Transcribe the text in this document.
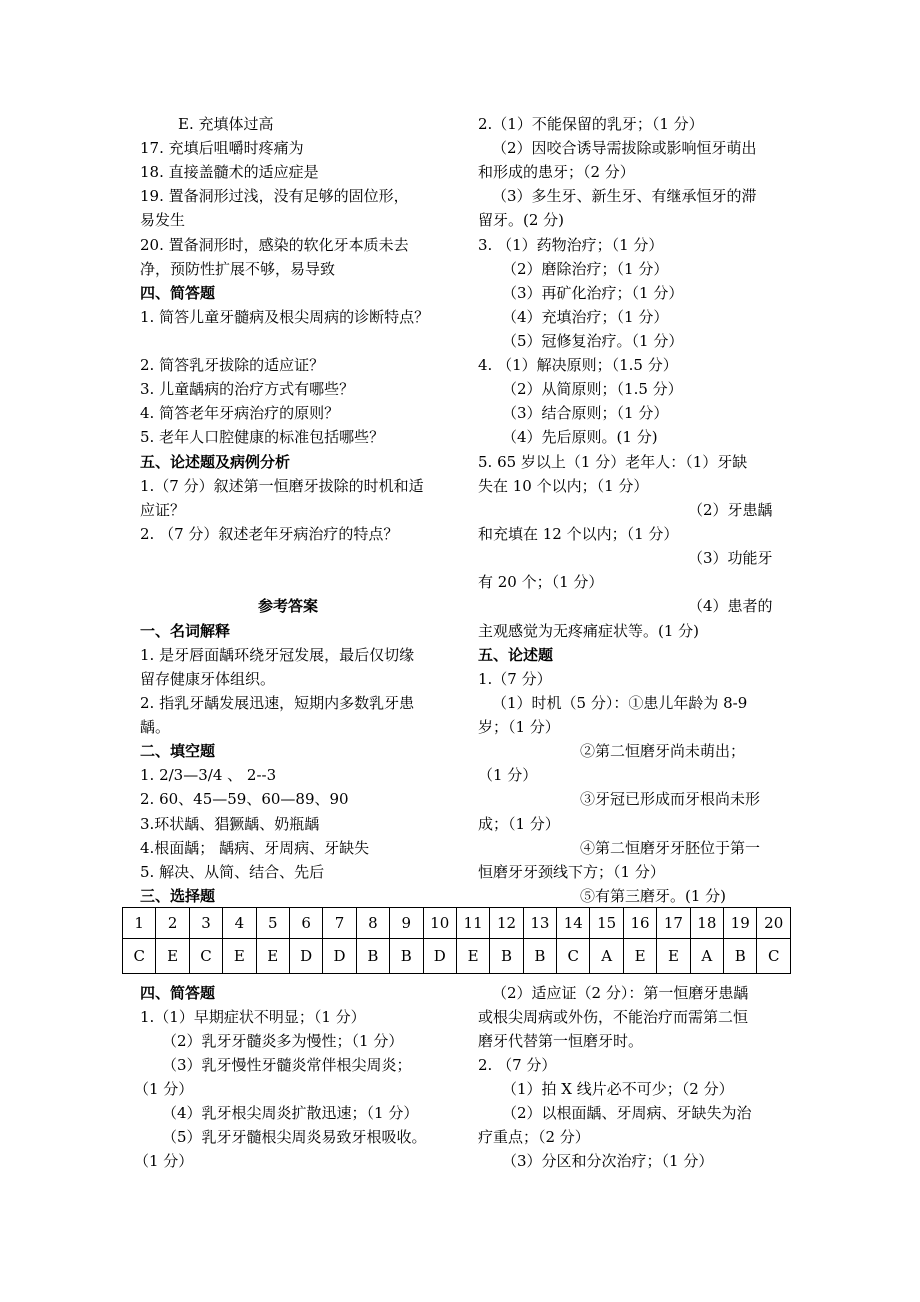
E. 充填体过高
17. 充填后咀嚼时疼痛为
18. 直接盖髓术的适应症是
19. 置备洞形过浅，没有足够的固位形，
易发生
20. 置备洞形时，感染的软化牙本质未去
净，预防性扩展不够，易导致
四、简答题
1. 简答儿童牙髓病及根尖周病的诊断特点？
2. 简答乳牙拔除的适应证？
3. 儿童龋病的治疗方式有哪些？
4. 简答老年牙病治疗的原则？
5. 老年人口腔健康的标准包括哪些？
五、论述题及病例分析
1.（7 分）叙述第一恒磨牙拔除的时机和适
应证？
2. （7 分）叙述老年牙病治疗的特点？
参考答案
一、名词解释
1. 是牙唇面龋环绕牙冠发展，最后仅切缘
留存健康牙体组织。
2. 指乳牙龋发展迅速，短期内多数乳牙患
龋。
二、填空题
1. 2/3—3/4 、 2--3
2. 60、45—59、60—89、90
3.环状龋、猖獗龋、奶瓶龋
4.根面龋； 龋病、牙周病、牙缺失
5. 解决、从简、结合、先后
三、选择题
2.（1）不能保留的乳牙；（1 分）
（2）因咬合诱导需拔除或影响恒牙萌出
和形成的患牙；（2 分）
（3）多生牙、新生牙、有继承恒牙的滞
留牙。(2 分)
3. （1）药物治疗；（1 分）
（2）磨除治疗；（1 分）
（3）再矿化治疗；（1 分）
（4）充填治疗；（1 分）
（5）冠修复治疗。（1 分）
4. （1）解决原则；（1.5 分）
（2）从简原则；（1.5 分）
（3）结合原则；（1 分）
（4）先后原则。(1 分)
5. 65 岁以上（1 分）老年人：（1）牙缺
失在 10 个以内；（1 分）
（2）牙患龋
和充填在 12 个以内；（1 分）
（3）功能牙
有 20 个；（1 分）
（4）患者的
主观感觉为无疼痛症状等。(1 分)
五、论述题
1.（7 分）
（1）时机（5 分）：①患儿年龄为 8-9
岁；（1 分）
②第二恒磨牙尚未萌出；
（1 分）
③牙冠已形成而牙根尚未形
成；（1 分）
④第二恒磨牙牙胚位于第一
恒磨牙牙颈线下方；（1 分）
⑤有第三磨牙。(1 分)
1	2	3	4	5	6	7	8	9	10	11	12	13	14	15	16	17	18	19	20
C	E	C	E	E	D	D	B	B	D	E	B	B	C	A	E	E	A	B	C
四、简答题
1.（1）早期症状不明显；（1 分）
（2）乳牙牙髓炎多为慢性；（1 分）
（3）乳牙慢性牙髓炎常伴根尖周炎；
（1 分）
（4）乳牙根尖周炎扩散迅速；（1 分）
（5）乳牙牙髓根尖周炎易致牙根吸收。
（1 分）
（2）适应证（2 分）：第一恒磨牙患龋
或根尖周病或外伤，不能治疗而需第二恒
磨牙代替第一恒磨牙时。
2. （7 分）
（1）拍 X 线片必不可少；（2 分）
（2）以根面龋、牙周病、牙缺失为治
疗重点；（2 分）
（3）分区和分次治疗；（1 分）
